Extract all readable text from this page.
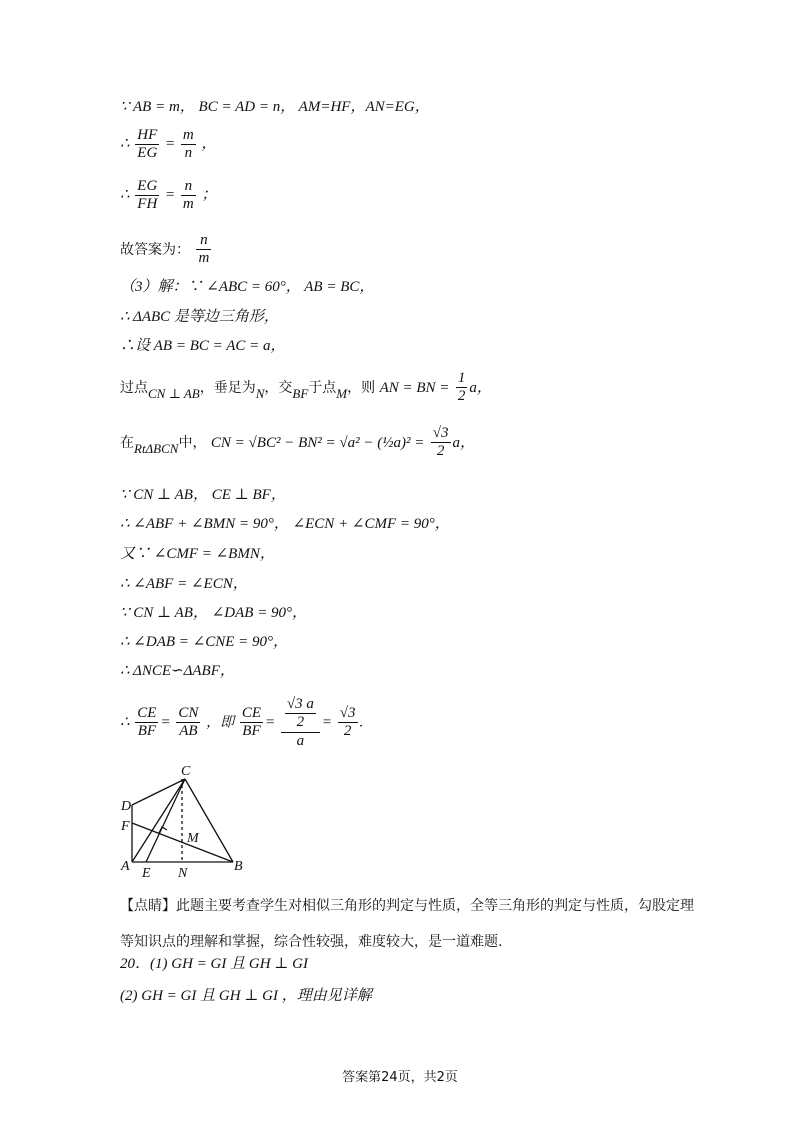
∵ AB = m， BC = AD = n， AM=HF，AN=EG，
∴ $\frac{HF}{EG} = \frac{m}{n}$ ，
∴ $\frac{EG}{FH} = \frac{n}{m}$ ；
故答案为： $\frac{n}{m}$
（3）解：∵ ∠ABC = 60°， AB = BC，
∴ ΔABC 是等边三角形，
∴设 AB = BC = AC = a，
过点CN ⊥ AB，垂足为N，交BF于点M，则 AN = BN = $\frac{1}{2}$ a，
在RtΔBCN中， CN = √BC² − BN² = √a² − (½a)² = $\frac{√3}{2}$ a，
∵ CN ⊥ AB， CE ⊥ BF，
∴ ∠ABF + ∠BMN = 90°， ∠ECN + ∠CMF = 90°，
又∵ ∠CMF = ∠BMN，
∴ ∠ABF = ∠ECN，
∵ CN ⊥ AB， ∠DAB = 90°，
∴ ∠DAB = ∠CNE = 90°，
∴ ΔNCE∽ΔABF，
∴ $\frac{CE}{BF} = \frac{CN}{AB}$ ，即 $\frac{CE}{BF} = \frac{\frac{√3 a}{2}}{a} = \frac{√3}{2}$ .
C
D
F
M
A E N	B
【点睛】此题主要考查学生对相似三角形的判定与性质，全等三角形的判定与性质，勾股定理等知识点的理解和掌握，综合性较强，难度较大，是一道难题.
20．(1) GH = GI 且 GH ⊥ GI
(2) GH = GI 且 GH ⊥ GI ，理由见详解
答案第24页，共2页
